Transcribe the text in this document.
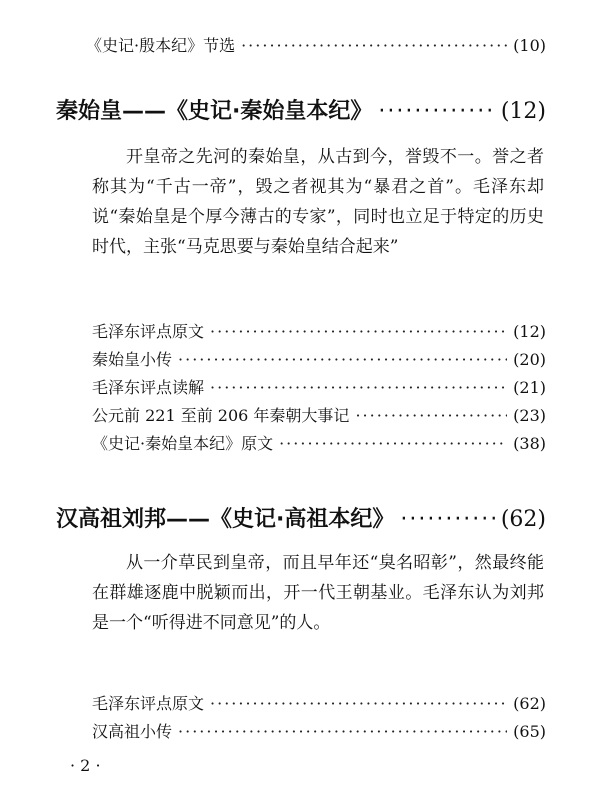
《史记·殷本纪》节选 ·····	(10)
秦始皇——《史记·秦始皇本纪》 ·····	(12)
开皇帝之先河的秦始皇，从古到今，誉毁不一。誉之者称其为“千古一帝”，毁之者视其为“暴君之首”。毛泽东却说“秦始皇是个厚今薄古的专家”，同时也立足于特定的历史时代，主张“马克思要与秦始皇结合起来”
毛泽东评点原文 ·····	(12)
秦始皇小传 ·····	(20)
毛泽东评点读解 ·····	(21)
公元前 221 至前 206 年秦朝大事记 ·····	(23)
《史记·秦始皇本纪》原文 ·····	(38)
汉高祖刘邦——《史记·高祖本纪》 ·····	(62)
从一介草民到皇帝，而且早年还“臭名昭彰”，然最终能在群雄逐鹿中脱颖而出，开一代王朝基业。毛泽东认为刘邦是一个“听得进不同意见”的人。
毛泽东评点原文 ·····	(62)
汉高祖小传 ·····	(65)
· 2 ·
